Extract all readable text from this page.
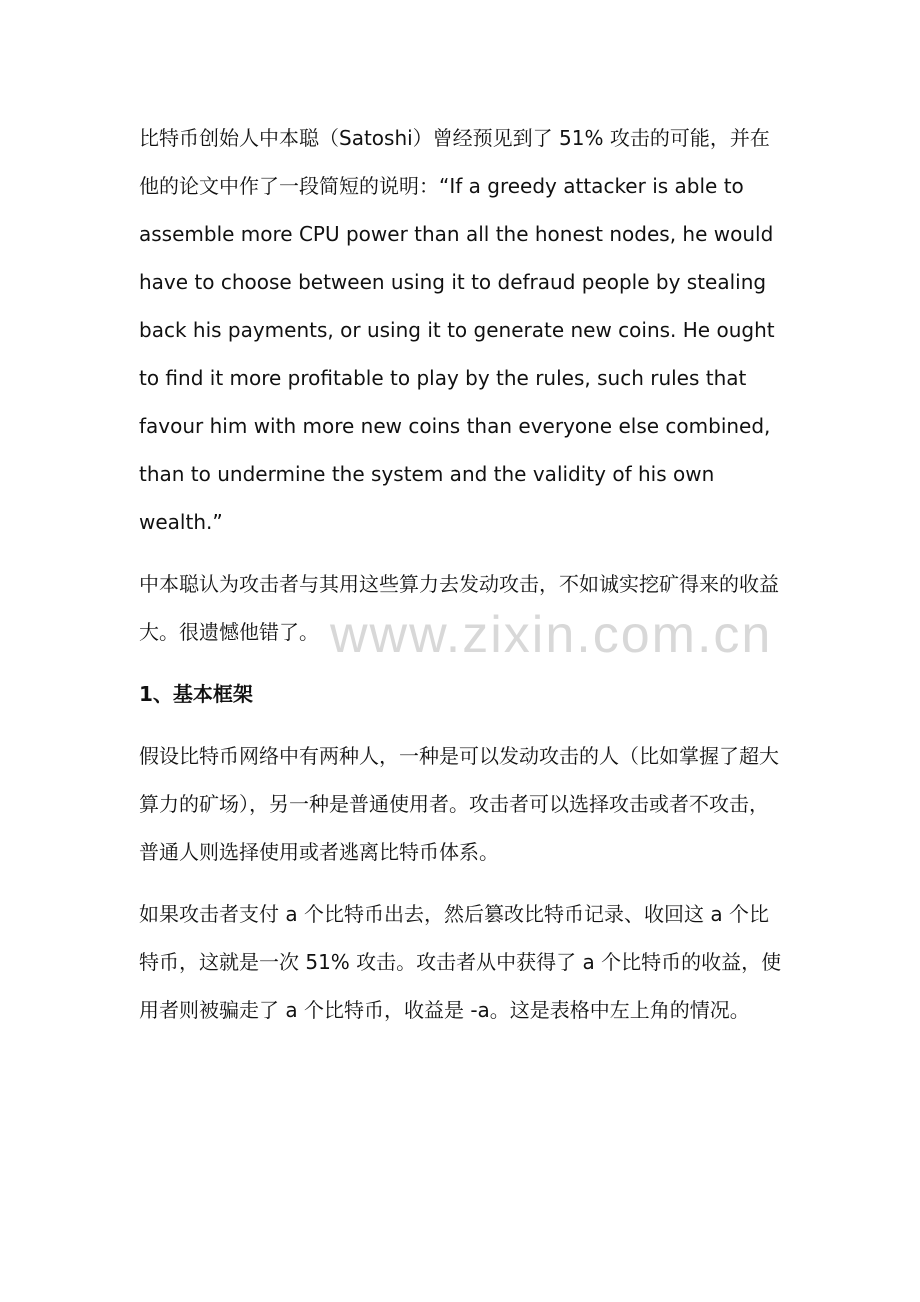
比特币创始人中本聪（Satoshi）曾经预见到了 51% 攻击的可能，并在他的论文中作了一段简短的说明：“If a greedy attacker is able to assemble more CPU power than all the honest nodes, he would have to choose between using it to defraud people by stealing back his payments, or using it to generate new coins. He ought to find it more profitable to play by the rules, such rules that favour him with more new coins than everyone else combined, than to undermine the system and the validity of his own wealth.”

中本聪认为攻击者与其用这些算力去发动攻击，不如诚实挖矿得来的收益大。很遗憾他错了。

1、基本框架

假设比特币网络中有两种人，一种是可以发动攻击的人（比如掌握了超大算力的矿场），另一种是普通使用者。攻击者可以选择攻击或者不攻击，普通人则选择使用或者逃离比特币体系。

如果攻击者支付 a 个比特币出去，然后篡改比特币记录、收回这 a 个比特币，这就是一次 51% 攻击。攻击者从中获得了 a 个比特币的收益，使用者则被骗走了 a 个比特币，收益是 -a。这是表格中左上角的情况。

www.zixin.com.cn
